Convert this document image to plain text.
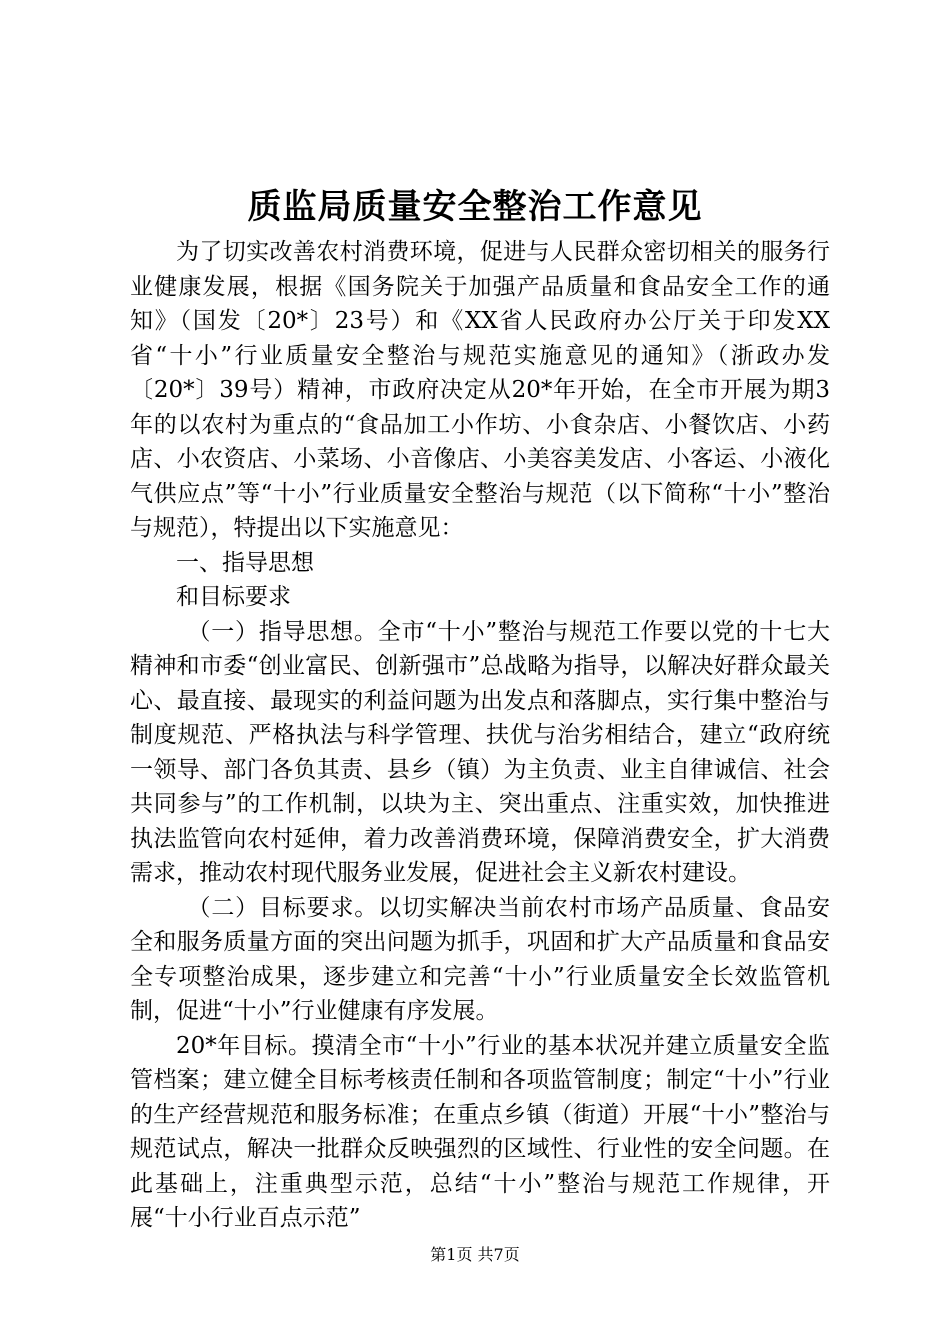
质监局质量安全整治工作意见

为了切实改善农村消费环境，促进与人民群众密切相关的服务行业健康发展，根据《国务院关于加强产品质量和食品安全工作的通知》（国发〔20*〕23号）和《XX省人民政府办公厅关于印发XX省“十小”行业质量安全整治与规范实施意见的通知》（浙政办发〔20*〕39号）精神，市政府决定从20*年开始，在全市开展为期3年的以农村为重点的“食品加工小作坊、小食杂店、小餐饮店、小药店、小农资店、小菜场、小音像店、小美容美发店、小客运、小液化气供应点”等“十小”行业质量安全整治与规范（以下简称“十小”整治与规范），特提出以下实施意见：

一、指导思想

和目标要求

（一）指导思想。全市“十小”整治与规范工作要以党的十七大精神和市委“创业富民、创新强市”总战略为指导，以解决好群众最关心、最直接、最现实的利益问题为出发点和落脚点，实行集中整治与制度规范、严格执法与科学管理、扶优与治劣相结合，建立“政府统一领导、部门各负其责、县乡（镇）为主负责、业主自律诚信、社会共同参与”的工作机制，以块为主、突出重点、注重实效，加快推进执法监管向农村延伸，着力改善消费环境，保障消费安全，扩大消费需求，推动农村现代服务业发展，促进社会主义新农村建设。

（二）目标要求。以切实解决当前农村市场产品质量、食品安全和服务质量方面的突出问题为抓手，巩固和扩大产品质量和食品安全专项整治成果，逐步建立和完善“十小”行业质量安全长效监管机制，促进“十小”行业健康有序发展。

20*年目标。摸清全市“十小”行业的基本状况并建立质量安全监管档案；建立健全目标考核责任制和各项监管制度；制定“十小”行业的生产经营规范和服务标准；在重点乡镇（街道）开展“十小”整治与规范试点，解决一批群众反映强烈的区域性、行业性的安全问题。在此基础上，注重典型示范，总结“十小”整治与规范工作规律，开展“十小行业百点示范”

第1页 共7页
